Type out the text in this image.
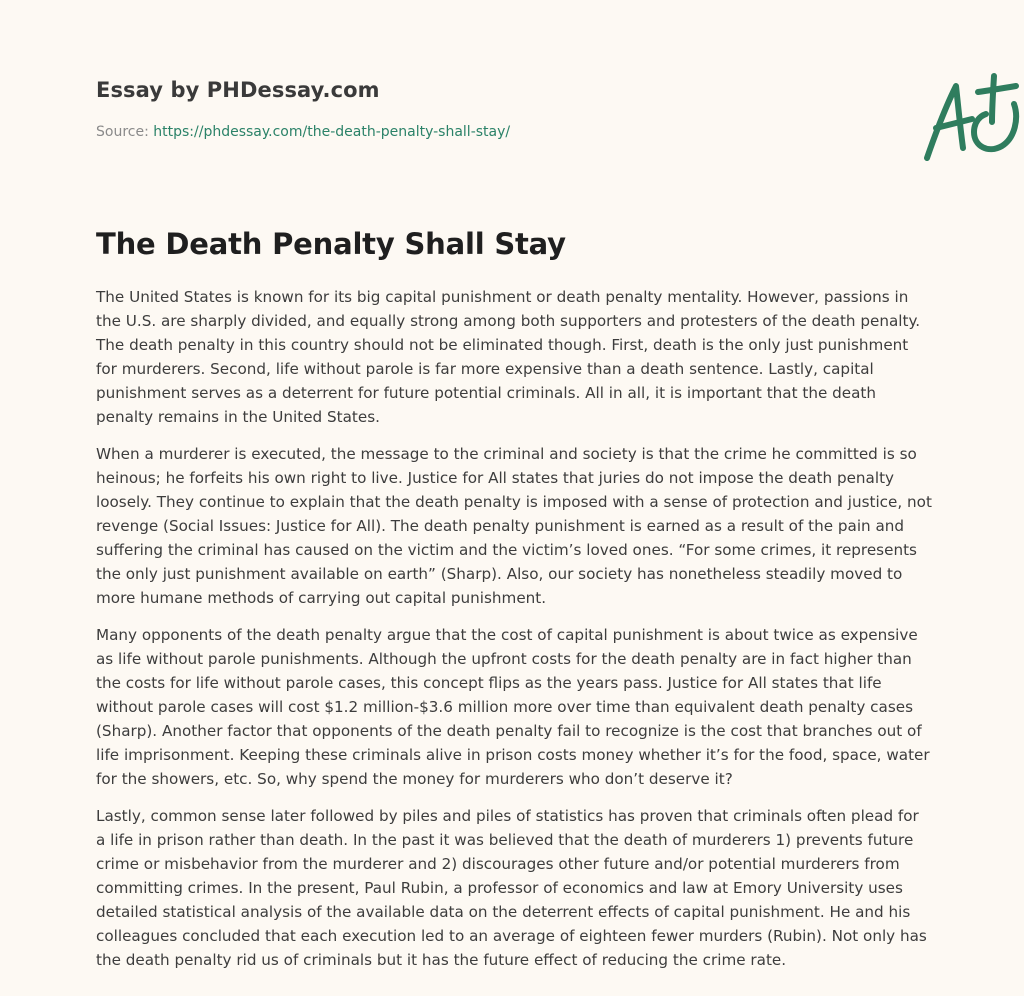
Essay by PHDessay.com
Source: https://phdessay.com/the-death-penalty-shall-stay/
The Death Penalty Shall Stay

The United States is known for its big capital punishment or death penalty mentality. However, passions in the U.S. are sharply divided, and equally strong among both supporters and protesters of the death penalty. The death penalty in this country should not be eliminated though. First, death is the only just punishment for murderers. Second, life without parole is far more expensive than a death sentence. Lastly, capital punishment serves as a deterrent for future potential criminals. All in all, it is important that the death penalty remains in the United States.

When a murderer is executed, the message to the criminal and society is that the crime he committed is so heinous; he forfeits his own right to live. Justice for All states that juries do not impose the death penalty loosely. They continue to explain that the death penalty is imposed with a sense of protection and justice, not revenge (Social Issues: Justice for All). The death penalty punishment is earned as a result of the pain and suffering the criminal has caused on the victim and the victim’s loved ones. “For some crimes, it represents the only just punishment available on earth” (Sharp). Also, our society has nonetheless steadily moved to more humane methods of carrying out capital punishment.

Many opponents of the death penalty argue that the cost of capital punishment is about twice as expensive as life without parole punishments. Although the upfront costs for the death penalty are in fact higher than the costs for life without parole cases, this concept flips as the years pass. Justice for All states that life without parole cases will cost $1.2 million-$3.6 million more over time than equivalent death penalty cases (Sharp). Another factor that opponents of the death penalty fail to recognize is the cost that branches out of life imprisonment. Keeping these criminals alive in prison costs money whether it’s for the food, space, water for the showers, etc. So, why spend the money for murderers who don’t deserve it?

Lastly, common sense later followed by piles and piles of statistics has proven that criminals often plead for a life in prison rather than death. In the past it was believed that the death of murderers 1) prevents future crime or misbehavior from the murderer and 2) discourages other future and/or potential murderers from committing crimes. In the present, Paul Rubin, a professor of economics and law at Emory University uses detailed statistical analysis of the available data on the deterrent effects of capital punishment. He and his colleagues concluded that each execution led to an average of eighteen fewer murders (Rubin). Not only has the death penalty rid us of criminals but it has the future effect of reducing the crime rate.
